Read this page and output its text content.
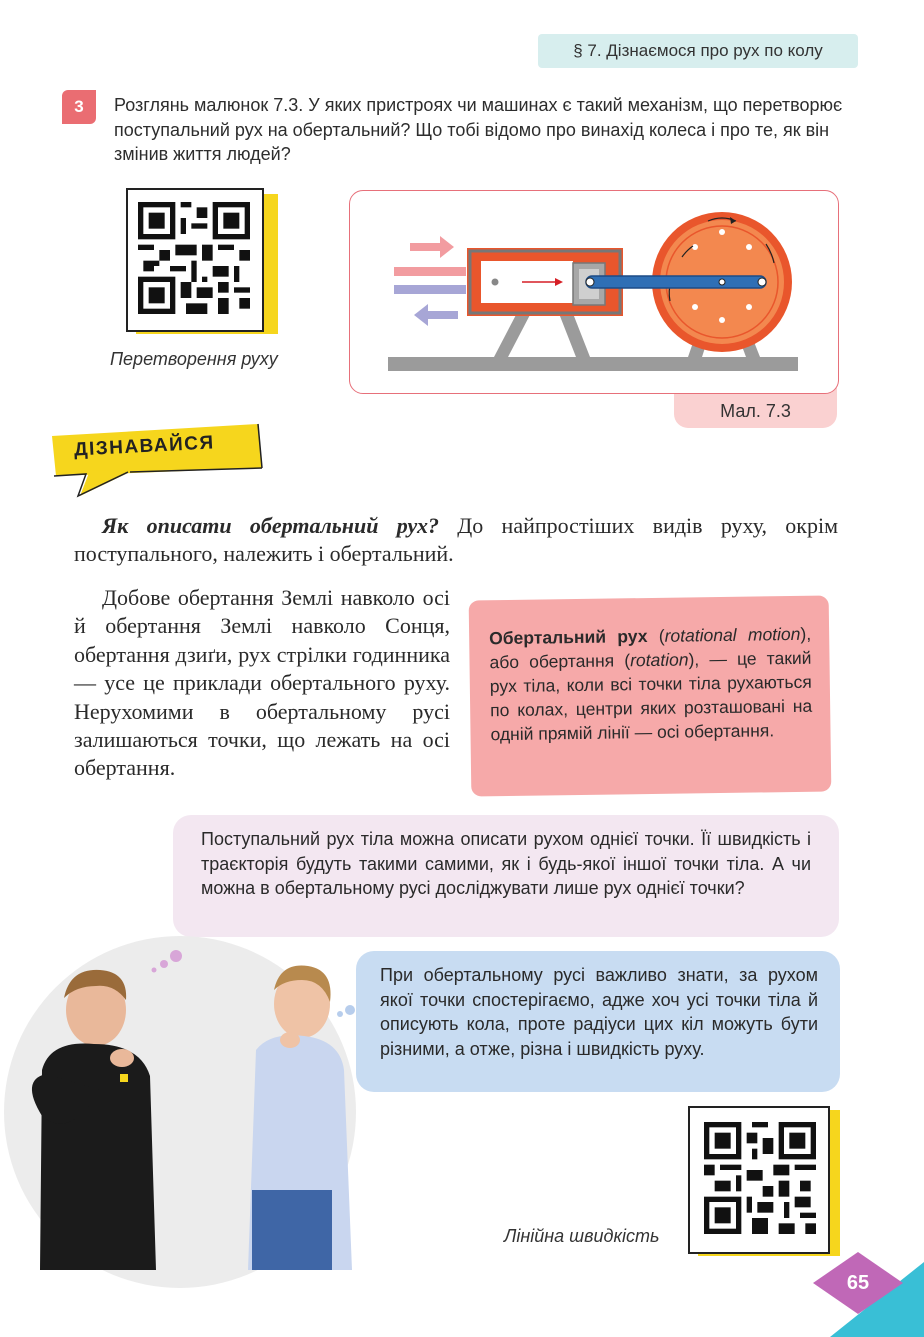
§ 7. Дізнаємося про рух по колу
3 Розглянь малюнок 7.3. У яких пристроях чи машинах є такий механізм, що перетворює поступальний рух на обертальний? Що тобі відомо про винахід колеса і про те, як він змінив життя людей?
Перетворення руху
Мал. 7.3
ДІЗНАВАЙСЯ
Як описати обертальний рух? До найпростіших видів руху, окрім поступального, належить і обертальний.
Добове обертання Землі навколо осі й обертання Землі навколо Сонця, обертання дзиґи, рух стрілки годинника — усе це приклади обертального руху. Нерухомими в обертальному русі залишаються точки, що лежать на осі обертання.
Обертальний рух (rotational motion), або обертання (rotation), — це такий рух тіла, коли всі точки тіла рухаються по колах, центри яких розташовані на одній прямій лінії — осі обертання.
Поступальний рух тіла можна описати рухом однієї точки. Її швидкість і траєкторія будуть такими самими, як і будь-якої іншої точки тіла. А чи можна в обертальному русі досліджувати лише рух однієї точки?
При обертальному русі важливо знати, за рухом якої точки спостерігаємо, адже хоч усі точки тіла й описують кола, проте радіуси цих кіл можуть бути різними, а отже, різна і швидкість руху.
Лінійна швидкість
65
